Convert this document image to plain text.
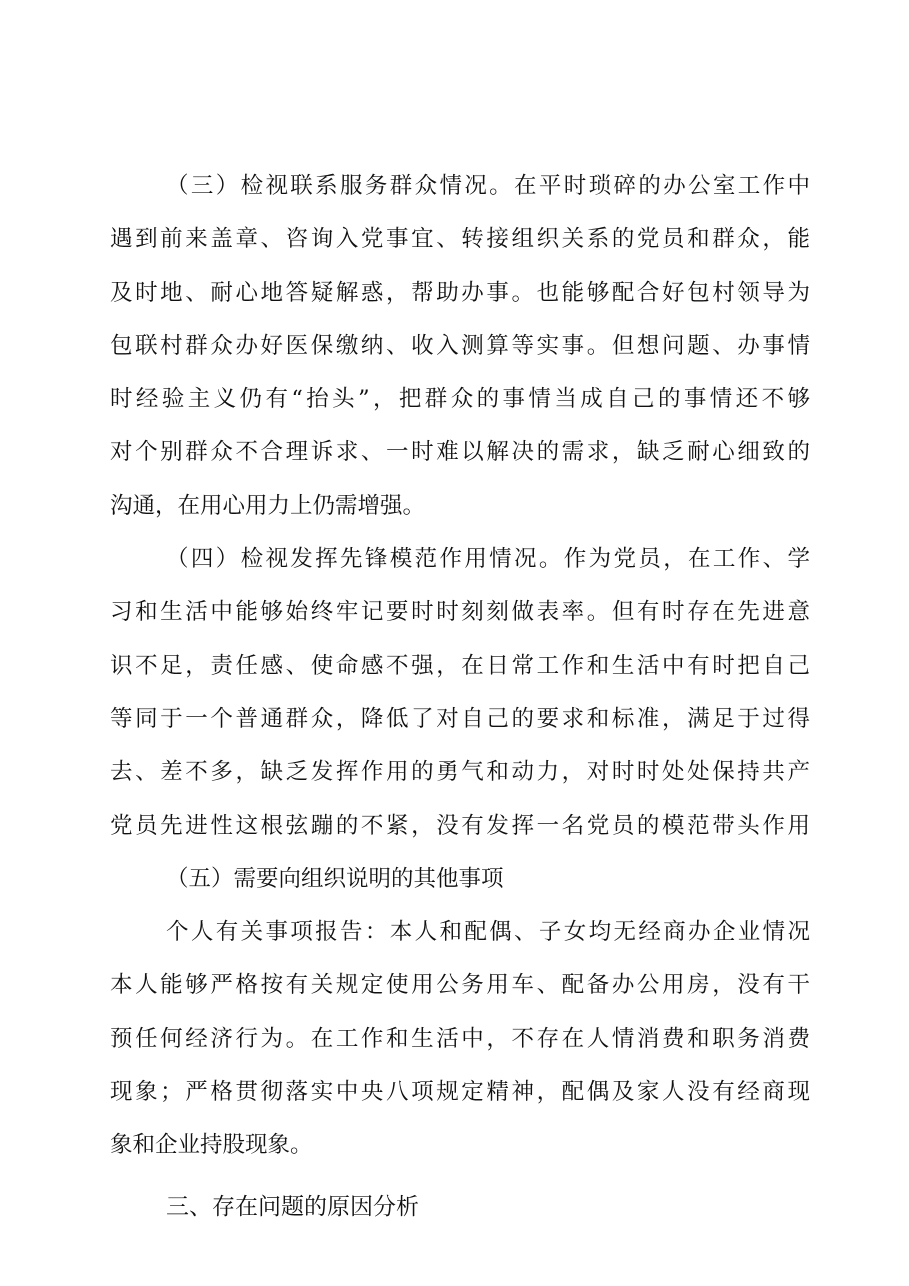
（三）检视联系服务群众情况。在平时琐碎的办公室工作中
遇到前来盖章、咨询入党事宜、转接组织关系的党员和群众，能
及时地、耐心地答疑解惑，帮助办事。也能够配合好包村领导为
包联村群众办好医保缴纳、收入测算等实事。但想问题、办事情
时经验主义仍有“抬头”，把群众的事情当成自己的事情还不够
对个别群众不合理诉求、一时难以解决的需求，缺乏耐心细致的
沟通，在用心用力上仍需增强。
（四）检视发挥先锋模范作用情况。作为党员，在工作、学
习和生活中能够始终牢记要时时刻刻做表率。但有时存在先进意
识不足，责任感、使命感不强，在日常工作和生活中有时把自己
等同于一个普通群众，降低了对自己的要求和标准，满足于过得
去、差不多，缺乏发挥作用的勇气和动力，对时时处处保持共产
党员先进性这根弦蹦的不紧，没有发挥一名党员的模范带头作用
（五）需要向组织说明的其他事项
个人有关事项报告：本人和配偶、子女均无经商办企业情况
本人能够严格按有关规定使用公务用车、配备办公用房，没有干
预任何经济行为。在工作和生活中，不存在人情消费和职务消费
现象；严格贯彻落实中央八项规定精神，配偶及家人没有经商现
象和企业持股现象。
三、存在问题的原因分析
